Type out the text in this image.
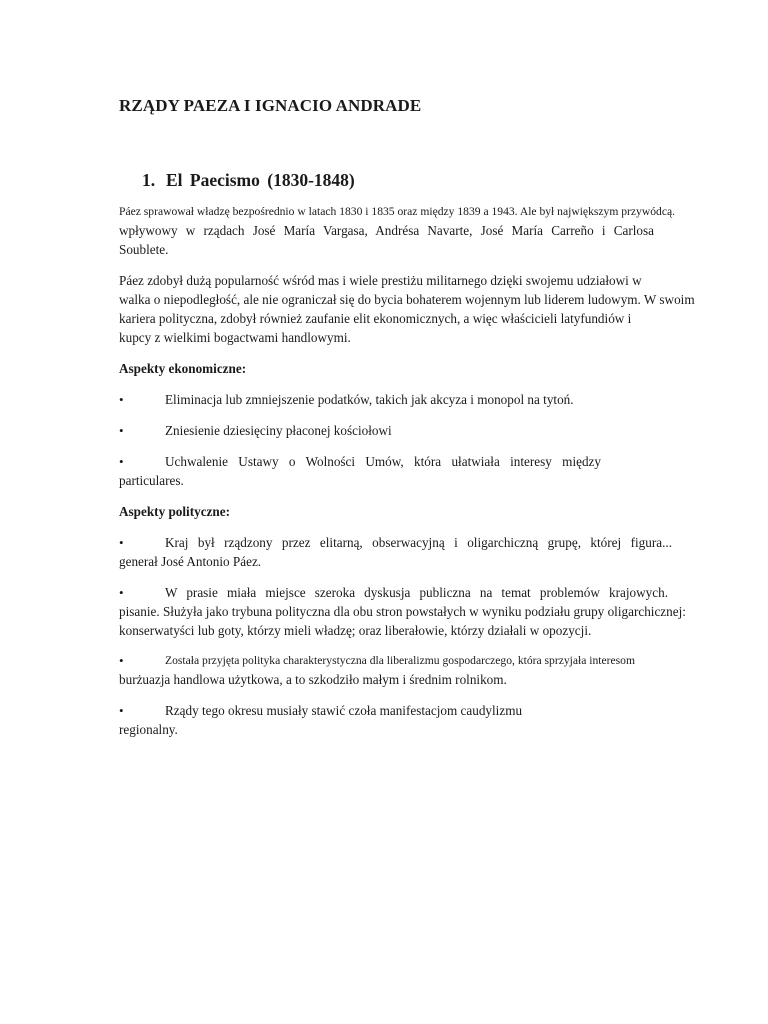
RZĄDY PAEZA I IGNACIO ANDRADE
1. El Paecismo (1830-1848)
Páez sprawował władzę bezpośrednio w latach 1830 i 1835 oraz między 1839 a 1943. Ale był największym przywódcą.
wpływowy w rządach José María Vargasa, Andrésa Navarte, José María Carreño i Carlosa
Soublete.
Páez zdobył dużą popularność wśród mas i wiele prestiżu militarnego dzięki swojemu udziałowi w
walka o niepodległość, ale nie ograniczał się do bycia bohaterem wojennym lub liderem ludowym. W swoim
kariera polityczna, zdobył również zaufanie elit ekonomicznych, a więc właścicieli latyfundiów i
kupcy z wielkimi bogactwami handlowymi.
Aspekty ekonomiczne:
•	Eliminacja lub zmniejszenie podatków, takich jak akcyza i monopol na tytoń.
•	Zniesienie dziesięciny płaconej kościołowi
•	Uchwalenie Ustawy o Wolności Umów, która ułatwiała interesy między
particulares.
Aspekty polityczne:
•	Kraj był rządzony przez elitarną, obserwacyjną i oligarchiczną grupę, której figura...
generał José Antonio Páez.
•	W prasie miała miejsce szeroka dyskusja publiczna na temat problemów krajowych.
pisanie. Służyła jako trybuna polityczna dla obu stron powstałych w wyniku podziału grupy oligarchicznej:
konserwatyści lub goty, którzy mieli władzę; oraz liberałowie, którzy działali w opozycji.
•	Została przyjęta polityka charakterystyczna dla liberalizmu gospodarczego, która sprzyjała interesom
burżuazja handlowa użytkowa, a to szkodziło małym i średnim rolnikom.
•	Rządy tego okresu musiały stawić czoła manifestacjom caudylizmu
regionalny.
